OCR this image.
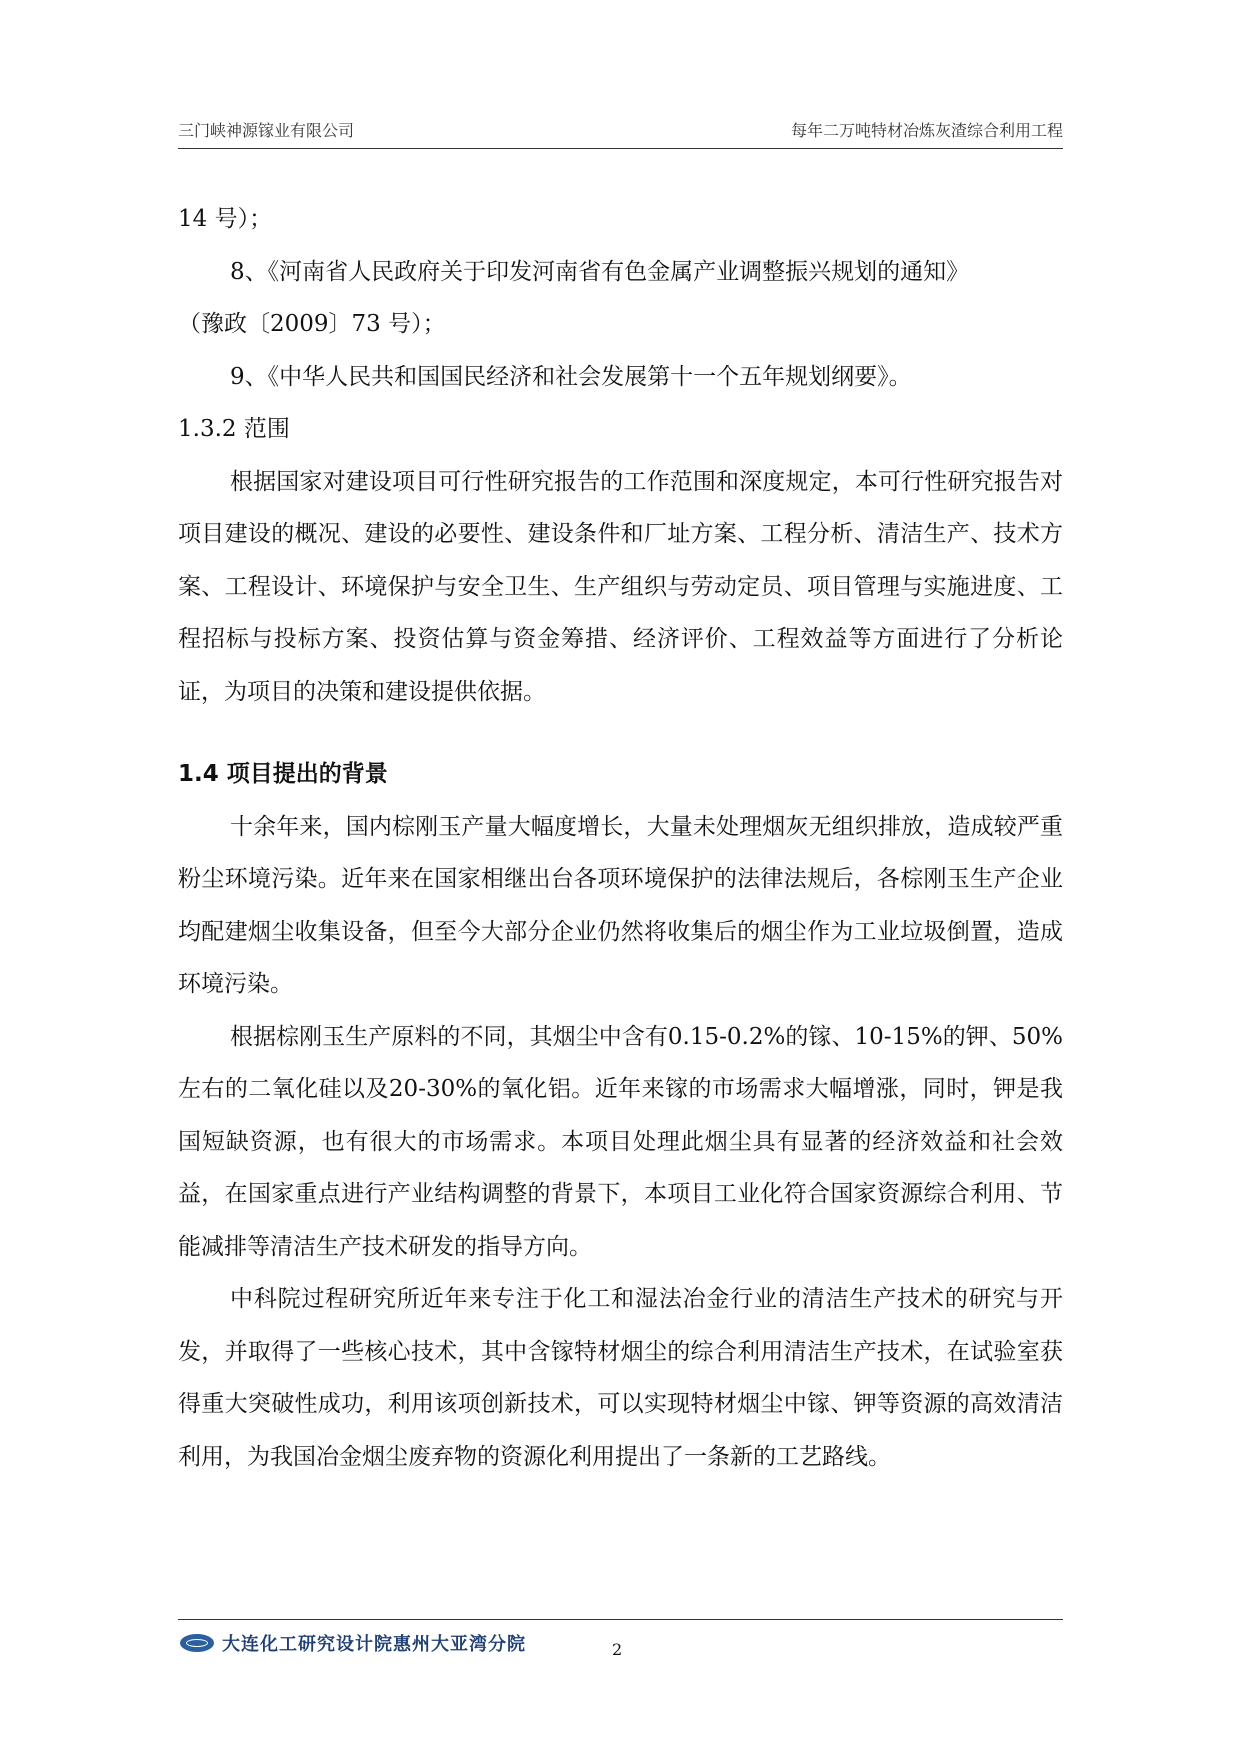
三门峡神源镓业有限公司	每年二万吨特材冶炼灰渣综合利用工程

14 号）；

8、《河南省人民政府关于印发河南省有色金属产业调整振兴规划的通知》

（豫政〔2009〕73 号）；

9、《中华人民共和国国民经济和社会发展第十一个五年规划纲要》。

1.3.2 范围

根据国家对建设项目可行性研究报告的工作范围和深度规定，本可行性研究报告对项目建设的概况、建设的必要性、建设条件和厂址方案、工程分析、清洁生产、技术方案、工程设计、环境保护与安全卫生、生产组织与劳动定员、项目管理与实施进度、工程招标与投标方案、投资估算与资金筹措、经济评价、工程效益等方面进行了分析论证，为项目的决策和建设提供依据。

1.4 项目提出的背景

十余年来，国内棕刚玉产量大幅度增长，大量未处理烟灰无组织排放，造成较严重粉尘环境污染。近年来在国家相继出台各项环境保护的法律法规后，各棕刚玉生产企业均配建烟尘收集设备，但至今大部分企业仍然将收集后的烟尘作为工业垃圾倒置，造成环境污染。

根据棕刚玉生产原料的不同，其烟尘中含有0.15-0.2%的镓、10-15%的钾、50%左右的二氧化硅以及20-30%的氧化铝。近年来镓的市场需求大幅增涨，同时，钾是我国短缺资源，也有很大的市场需求。本项目处理此烟尘具有显著的经济效益和社会效益，在国家重点进行产业结构调整的背景下，本项目工业化符合国家资源综合利用、节能减排等清洁生产技术研发的指导方向。

中科院过程研究所近年来专注于化工和湿法冶金行业的清洁生产技术的研究与开发，并取得了一些核心技术，其中含镓特材烟尘的综合利用清洁生产技术，在试验室获得重大突破性成功，利用该项创新技术，可以实现特材烟尘中镓、钾等资源的高效清洁利用，为我国冶金烟尘废弃物的资源化利用提出了一条新的工艺路线。

大连化工研究设计院惠州大亚湾分院	2
